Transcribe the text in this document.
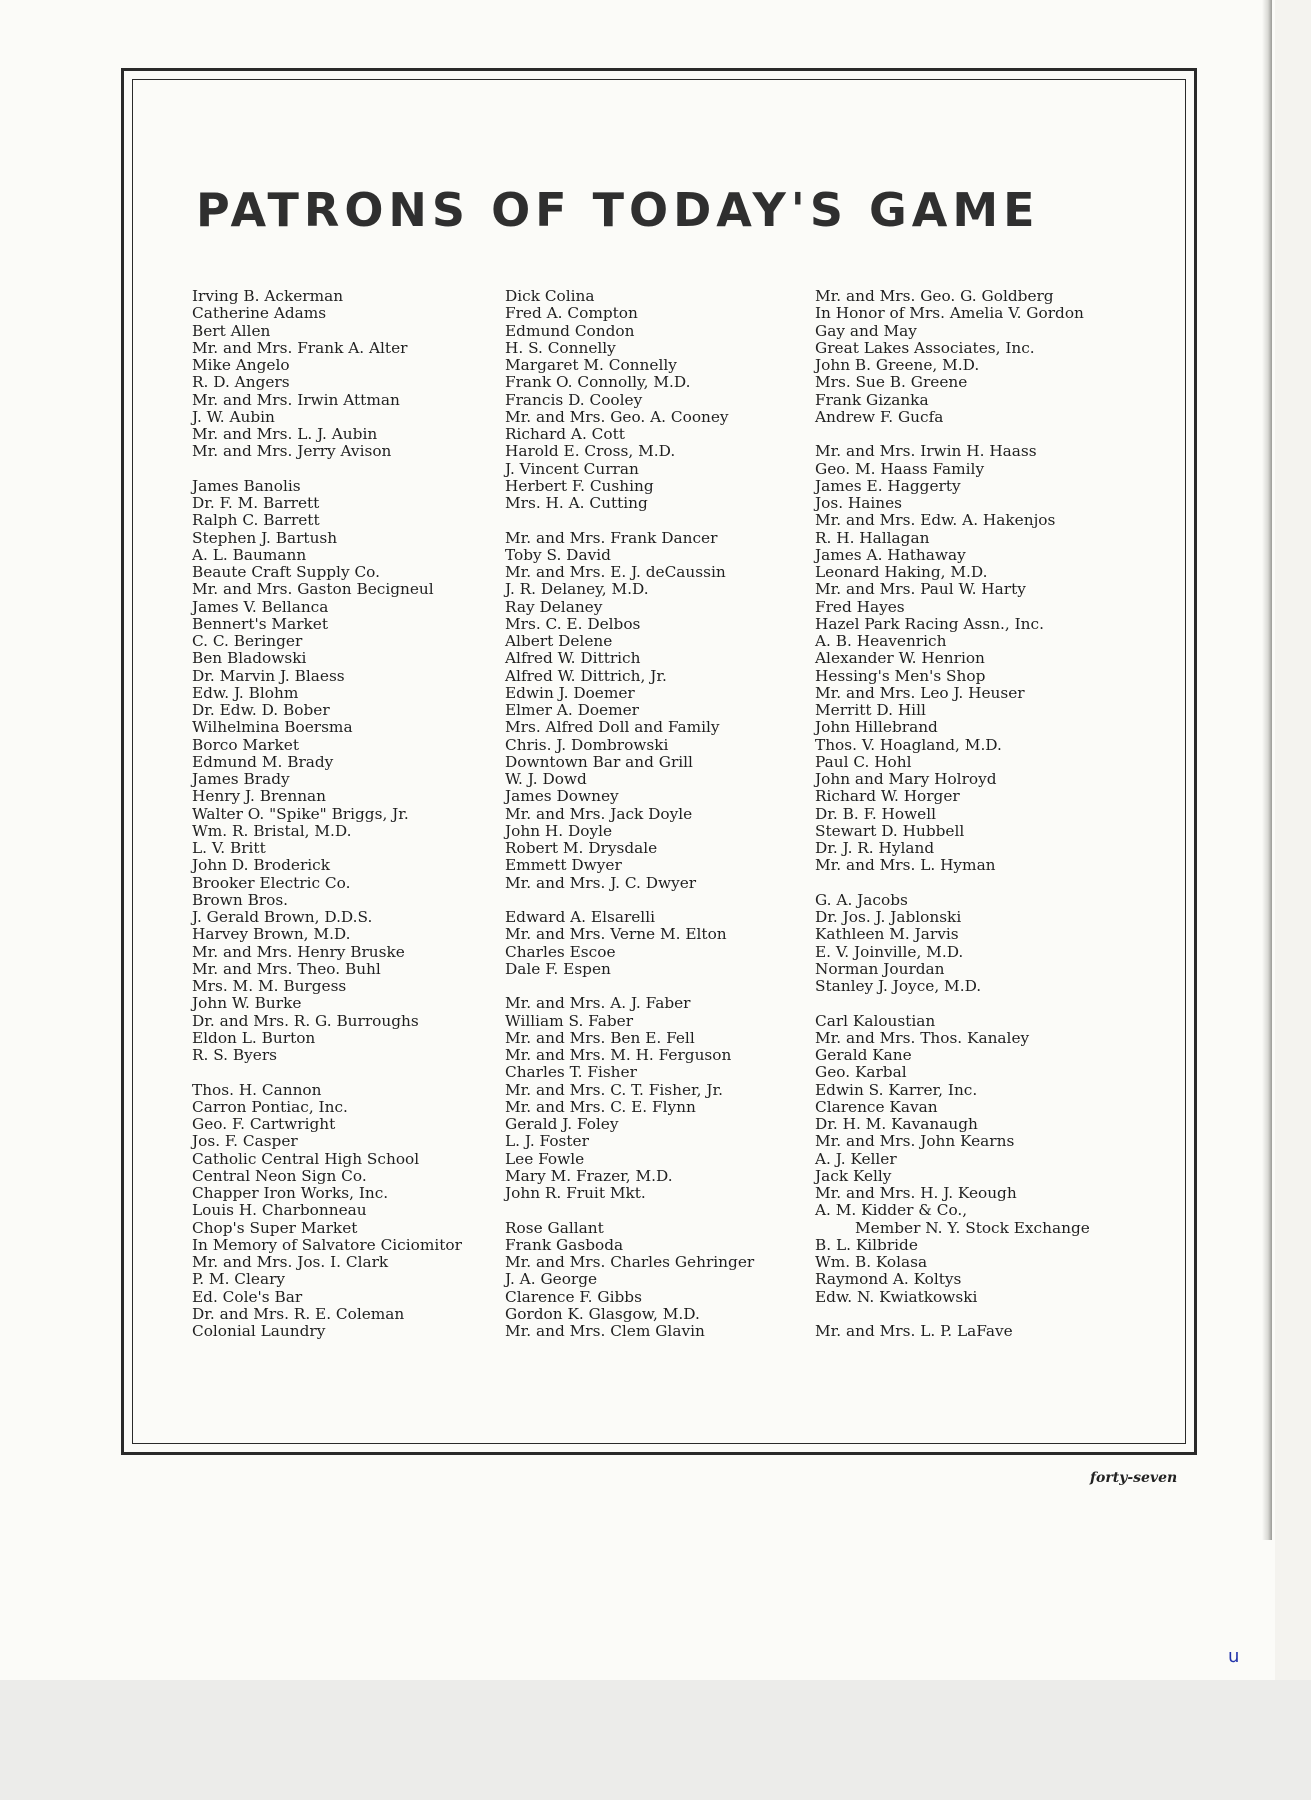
PATRONS OF TODAY'S GAME
Irving B. Ackerman
Catherine Adams
Bert Allen
Mr. and Mrs. Frank A. Alter
Mike Angelo
R. D. Angers
Mr. and Mrs. Irwin Attman
J. W. Aubin
Mr. and Mrs. L. J. Aubin
Mr. and Mrs. Jerry Avison
James Banolis
Dr. F. M. Barrett
Ralph C. Barrett
Stephen J. Bartush
A. L. Baumann
Beaute Craft Supply Co.
Mr. and Mrs. Gaston Becigneul
James V. Bellanca
Bennert's Market
C. C. Beringer
Ben Bladowski
Dr. Marvin J. Blaess
Edw. J. Blohm
Dr. Edw. D. Bober
Wilhelmina Boersma
Borco Market
Edmund M. Brady
James Brady
Henry J. Brennan
Walter O. "Spike" Briggs, Jr.
Wm. R. Bristal, M.D.
L. V. Britt
John D. Broderick
Brooker Electric Co.
Brown Bros.
J. Gerald Brown, D.D.S.
Harvey Brown, M.D.
Mr. and Mrs. Henry Bruske
Mr. and Mrs. Theo. Buhl
Mrs. M. M. Burgess
John W. Burke
Dr. and Mrs. R. G. Burroughs
Eldon L. Burton
R. S. Byers
Thos. H. Cannon
Carron Pontiac, Inc.
Geo. F. Cartwright
Jos. F. Casper
Catholic Central High School
Central Neon Sign Co.
Chapper Iron Works, Inc.
Louis H. Charbonneau
Chop's Super Market
In Memory of Salvatore Ciciomitor
Mr. and Mrs. Jos. I. Clark
P. M. Cleary
Ed. Cole's Bar
Dr. and Mrs. R. E. Coleman
Colonial Laundry
Dick Colina
Fred A. Compton
Edmund Condon
H. S. Connelly
Margaret M. Connelly
Frank O. Connolly, M.D.
Francis D. Cooley
Mr. and Mrs. Geo. A. Cooney
Richard A. Cott
Harold E. Cross, M.D.
J. Vincent Curran
Herbert F. Cushing
Mrs. H. A. Cutting
Mr. and Mrs. Frank Dancer
Toby S. David
Mr. and Mrs. E. J. deCaussin
J. R. Delaney, M.D.
Ray Delaney
Mrs. C. E. Delbos
Albert Delene
Alfred W. Dittrich
Alfred W. Dittrich, Jr.
Edwin J. Doemer
Elmer A. Doemer
Mrs. Alfred Doll and Family
Chris. J. Dombrowski
Downtown Bar and Grill
W. J. Dowd
James Downey
Mr. and Mrs. Jack Doyle
John H. Doyle
Robert M. Drysdale
Emmett Dwyer
Mr. and Mrs. J. C. Dwyer
Edward A. Elsarelli
Mr. and Mrs. Verne M. Elton
Charles Escoe
Dale F. Espen
Mr. and Mrs. A. J. Faber
William S. Faber
Mr. and Mrs. Ben E. Fell
Mr. and Mrs. M. H. Ferguson
Charles T. Fisher
Mr. and Mrs. C. T. Fisher, Jr.
Mr. and Mrs. C. E. Flynn
Gerald J. Foley
L. J. Foster
Lee Fowle
Mary M. Frazer, M.D.
John R. Fruit Mkt.
Rose Gallant
Frank Gasboda
Mr. and Mrs. Charles Gehringer
J. A. George
Clarence F. Gibbs
Gordon K. Glasgow, M.D.
Mr. and Mrs. Clem Glavin
Mr. and Mrs. Geo. G. Goldberg
In Honor of Mrs. Amelia V. Gordon
Gay and May
Great Lakes Associates, Inc.
John B. Greene, M.D.
Mrs. Sue B. Greene
Frank Gizanka
Andrew F. Gucfa
Mr. and Mrs. Irwin H. Haass
Geo. M. Haass Family
James E. Haggerty
Jos. Haines
Mr. and Mrs. Edw. A. Hakenjos
R. H. Hallagan
James A. Hathaway
Leonard Haking, M.D.
Mr. and Mrs. Paul W. Harty
Fred Hayes
Hazel Park Racing Assn., Inc.
A. B. Heavenrich
Alexander W. Henrion
Hessing's Men's Shop
Mr. and Mrs. Leo J. Heuser
Merritt D. Hill
John Hillebrand
Thos. V. Hoagland, M.D.
Paul C. Hohl
John and Mary Holroyd
Richard W. Horger
Dr. B. F. Howell
Stewart D. Hubbell
Dr. J. R. Hyland
Mr. and Mrs. L. Hyman
G. A. Jacobs
Dr. Jos. J. Jablonski
Kathleen M. Jarvis
E. V. Joinville, M.D.
Norman Jourdan
Stanley J. Joyce, M.D.
Carl Kaloustian
Mr. and Mrs. Thos. Kanaley
Gerald Kane
Geo. Karbal
Edwin S. Karrer, Inc.
Clarence Kavan
Dr. H. M. Kavanaugh
Mr. and Mrs. John Kearns
A. J. Keller
Jack Kelly
Mr. and Mrs. H. J. Keough
A. M. Kidder & Co.,
Member N. Y. Stock Exchange
B. L. Kilbride
Wm. B. Kolasa
Raymond A. Koltys
Edw. N. Kwiatkowski
Mr. and Mrs. L. P. LaFave
forty-seven
u
